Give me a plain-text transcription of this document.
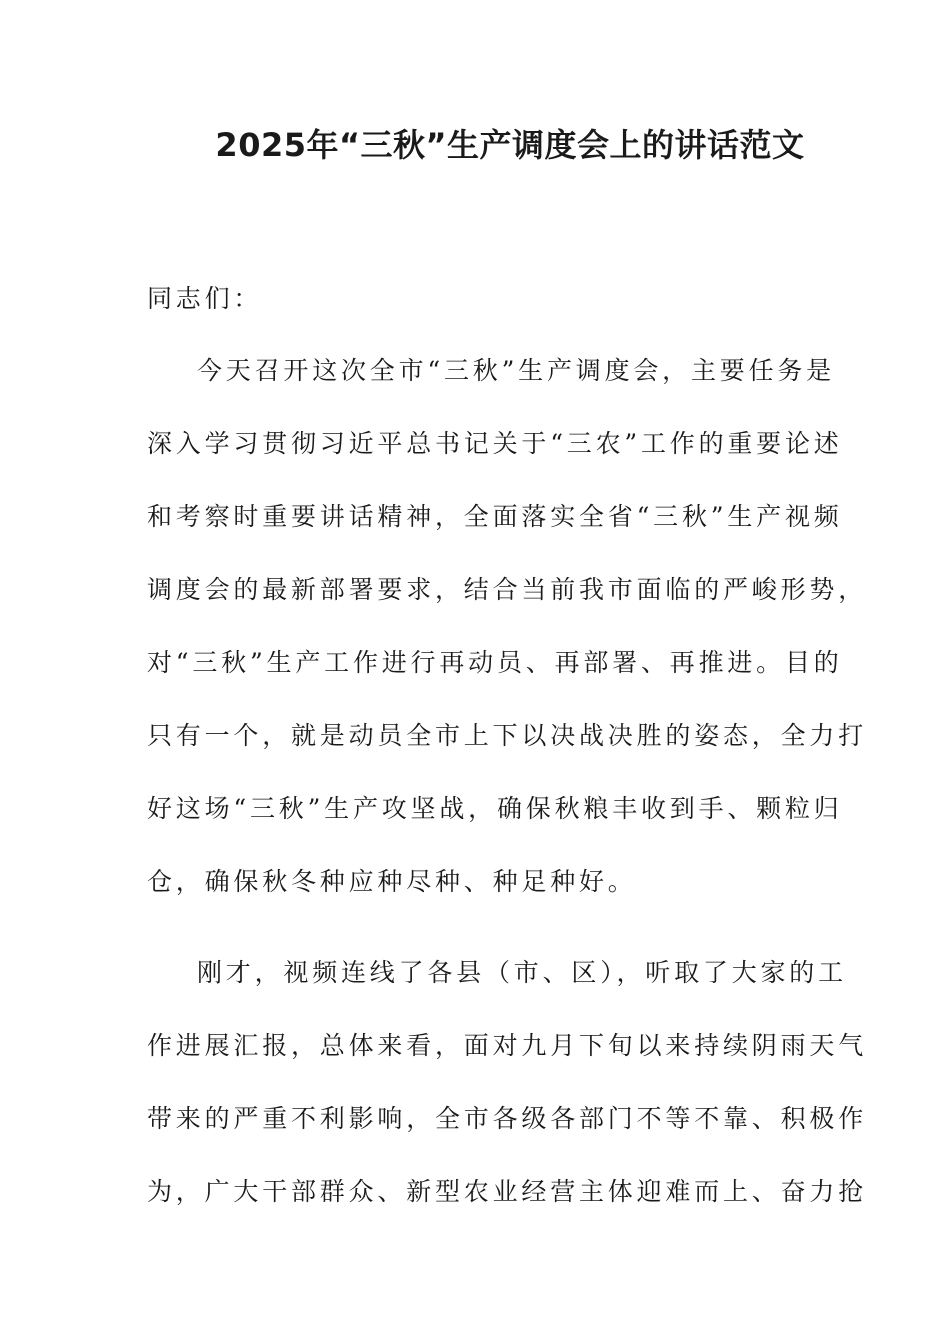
2025年“三秋”生产调度会上的讲话范文
同志们：
今天召开这次全市“三秋”生产调度会，主要任务是
深入学习贯彻习近平总书记关于“三农”工作的重要论述
和考察时重要讲话精神，全面落实全省“三秋”生产视频
调度会的最新部署要求，结合当前我市面临的严峻形势，
对“三秋”生产工作进行再动员、再部署、再推进。目的
只有一个，就是动员全市上下以决战决胜的姿态，全力打
好这场“三秋”生产攻坚战，确保秋粮丰收到手、颗粒归
仓，确保秋冬种应种尽种、种足种好。
刚才，视频连线了各县（市、区），听取了大家的工
作进展汇报，总体来看，面对九月下旬以来持续阴雨天气
带来的严重不利影响，全市各级各部门不等不靠、积极作
为，广大干部群众、新型农业经营主体迎难而上、奋力抢
